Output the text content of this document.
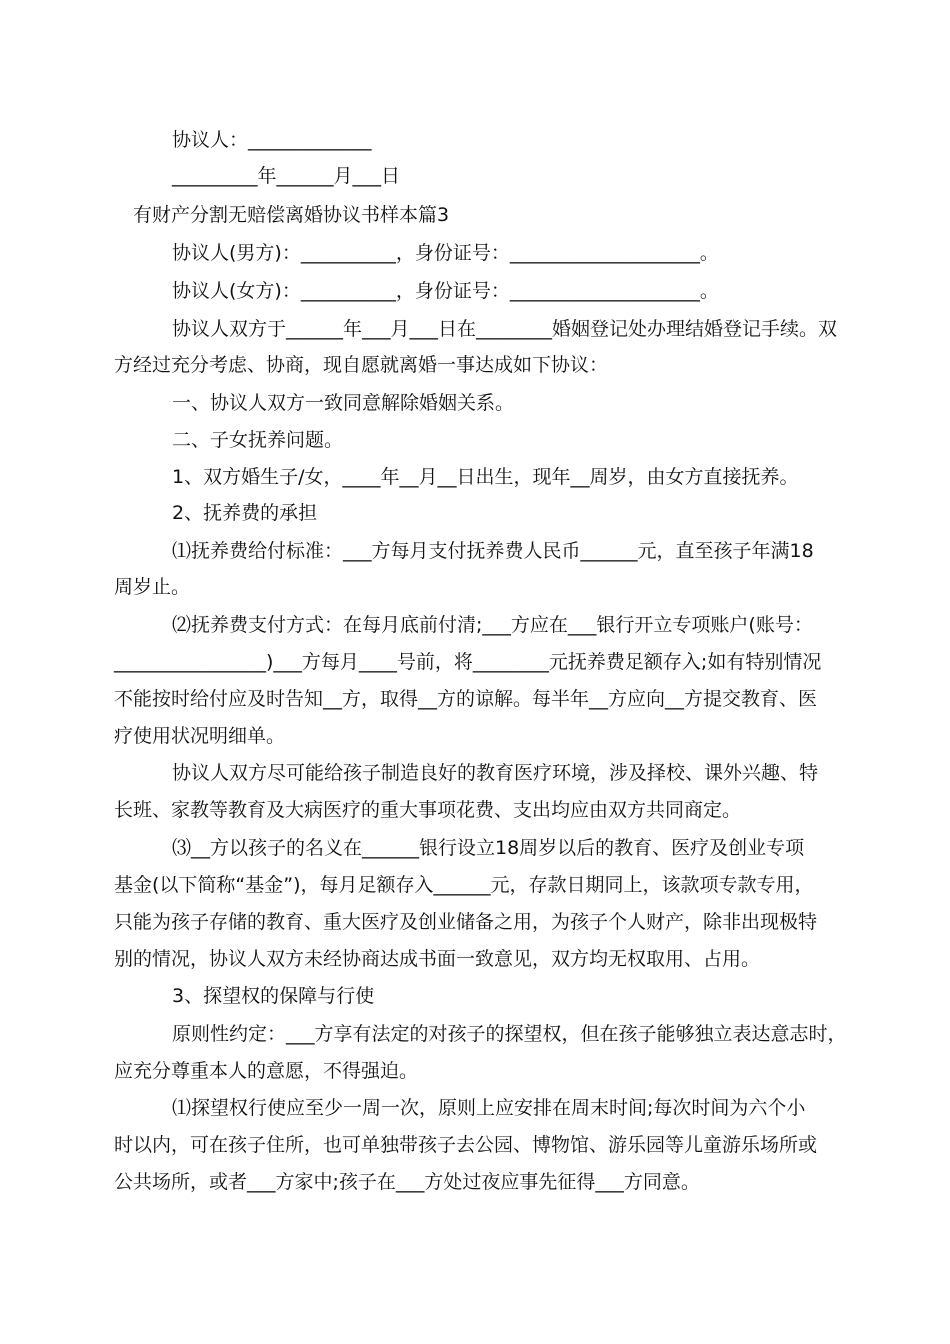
协议人：_____________
_________年______月___日
有财产分割无赔偿离婚协议书样本篇3
协议人(男方)：__________，身份证号：____________________。
协议人(女方)：__________，身份证号：____________________。
协议人双方于______年___月___日在________婚姻登记处办理结婚登记手续。双
方经过充分考虑、协商，现自愿就离婚一事达成如下协议：
一、协议人双方一致同意解除婚姻关系。
二、子女抚养问题。
1、双方婚生子/女，____年__月__日出生，现年__周岁，由女方直接抚养。
2、抚养费的承担
⑴抚养费给付标准：___方每月支付抚养费人民币______元，直至孩子年满18
周岁止。
⑵抚养费支付方式：在每月底前付清;___方应在___银行开立专项账户(账号：
________________)___方每月____号前，将________元抚养费足额存入;如有特别情况
不能按时给付应及时告知__方，取得__方的谅解。每半年__方应向__方提交教育、医
疗使用状况明细单。
协议人双方尽可能给孩子制造良好的教育医疗环境，涉及择校、课外兴趣、特
长班、家教等教育及大病医疗的重大事项花费、支出均应由双方共同商定。
⑶__方以孩子的名义在______银行设立18周岁以后的教育、医疗及创业专项
基金(以下简称“基金”)，每月足额存入______元，存款日期同上，该款项专款专用，
只能为孩子存储的教育、重大医疗及创业储备之用，为孩子个人财产，除非出现极特
别的情况，协议人双方未经协商达成书面一致意见，双方均无权取用、占用。
3、探望权的保障与行使
原则性约定：___方享有法定的对孩子的探望权，但在孩子能够独立表达意志时，
应充分尊重本人的意愿，不得强迫。
⑴探望权行使应至少一周一次，原则上应安排在周末时间;每次时间为六个小
时以内，可在孩子住所，也可单独带孩子去公园、博物馆、游乐园等儿童游乐场所或
公共场所，或者___方家中;孩子在___方处过夜应事先征得___方同意。
